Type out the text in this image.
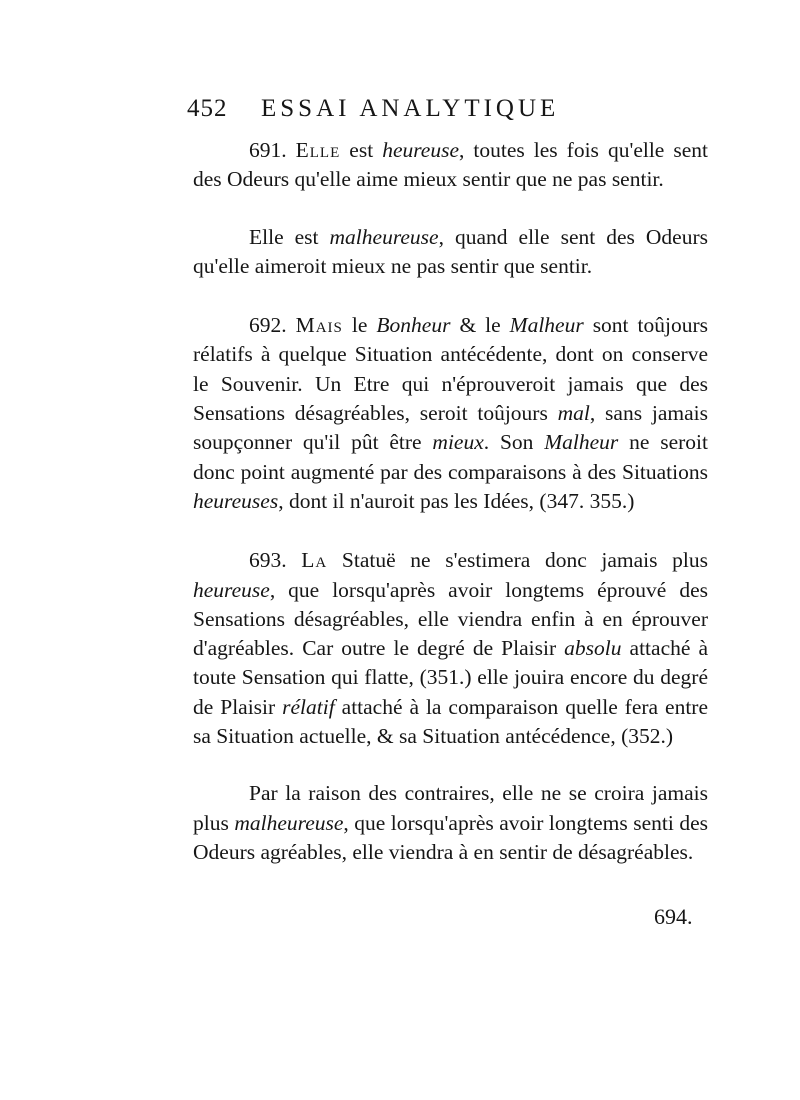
452 ESSAI ANALYTIQUE

691. Elle est heureuse, toutes les fois qu'elle sent des Odeurs qu'elle aime mieux sentir que ne pas sentir.

Elle est malheureuse, quand elle sent des Odeurs qu'elle aimeroit mieux ne pas sentir que sentir.

692. Mais le Bonheur & le Malheur sont toûjours rélatifs à quelque Situation antécédente, dont on conserve le Souvenir. Un Etre qui n'éprouveroit jamais que des Sensations désagréables, seroit toûjours mal, sans jamais soupçonner qu'il pût être mieux. Son Malheur ne seroit donc point augmenté par des comparaisons à des Situations heureuses, dont il n'auroit pas les Idées, (347. 355.)

693. La Statuë ne s'estimera donc jamais plus heureuse, que lorsqu'après avoir longtems éprouvé des Sensations désagréables, elle viendra enfin à en éprouver d'agréables. Car outre le degré de Plaisir absolu attaché à toute Sensation qui flatte, (351.) elle jouira encore du degré de Plaisir rélatif attaché à la comparaison quelle fera entre sa Situation actuelle, & sa Situation antécédence, (352.)

Par la raison des contraires, elle ne se croira jamais plus malheureuse, que lorsqu'après avoir longtems senti des Odeurs agréables, elle viendra à en sentir de désagréables.

694.
